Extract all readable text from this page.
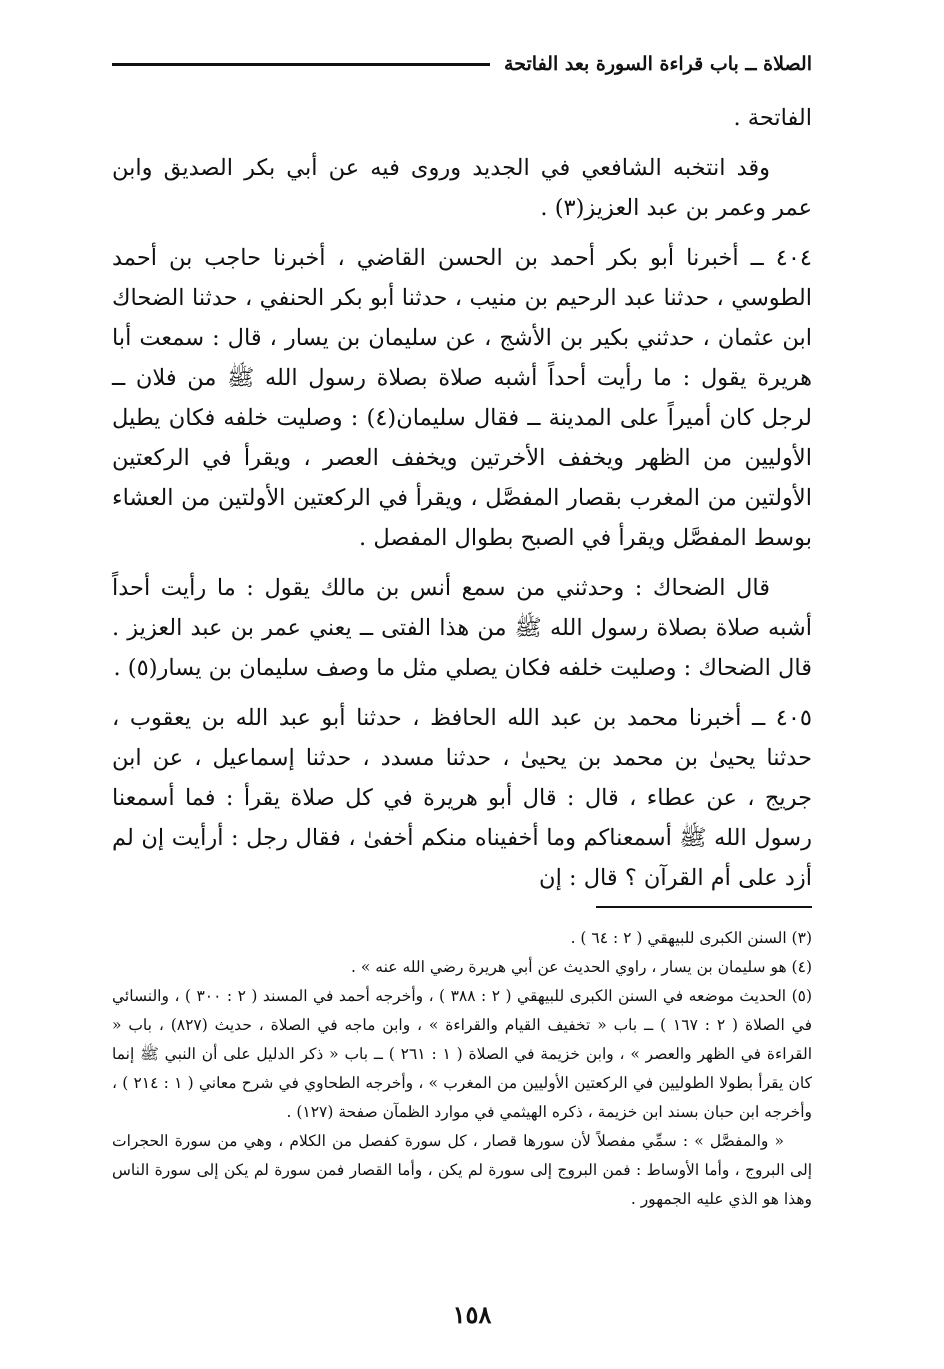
الصلاة ــ باب قراءة السورة بعد الفاتحة

الفاتحة .

وقد انتخبه الشافعي في الجديد وروى فيه عن أبي بكر الصديق وابن عمر وعمر بن عبد العزيز(٣) .

٤٠٤ ــ أخبرنا أبو بكر أحمد بن الحسن القاضي ، أخبرنا حاجب بن أحمد الطوسي ، حدثنا عبد الرحيم بن منيب ، حدثنا أبو بكر الحنفي ، حدثنا الضحاك ابن عثمان ، حدثني بكير بن الأشج ، عن سليمان بن يسار ، قال : سمعت أبا هريرة يقول : ما رأيت أحداً أشبه صلاة بصلاة رسول الله ﷺ من فلان ــ لرجل كان أميراً على المدينة ــ فقال سليمان(٤) : وصليت خلفه فكان يطيل الأوليين من الظهر ويخفف الأخرتين ويخفف العصر ، ويقرأ في الركعتين الأولتين من المغرب بقصار المفصَّل ، ويقرأ في الركعتين الأولتين من العشاء بوسط المفصَّل ويقرأ في الصبح بطوال المفصل .

قال الضحاك : وحدثني من سمع أنس بن مالك يقول : ما رأيت أحداً أشبه صلاة بصلاة رسول الله ﷺ من هذا الفتى ــ يعني عمر بن عبد العزيز . قال الضحاك : وصليت خلفه فكان يصلي مثل ما وصف سليمان بن يسار(٥) .

٤٠٥ ــ أخبرنا محمد بن عبد الله الحافظ ، حدثنا أبو عبد الله بن يعقوب ، حدثنا يحيىٰ بن محمد بن يحيىٰ ، حدثنا مسدد ، حدثنا إسماعيل ، عن ابن جريج ، عن عطاء ، قال : قال أبو هريرة في كل صلاة يقرأ : فما أسمعنا رسول الله ﷺ أسمعناكم وما أخفيناه منكم أخفىٰ ، فقال رجل : أرأيت إن لم أزد على أم القرآن ؟ قال : إن

(٣) السنن الكبرى للبيهقي ( ٢ : ٦٤ ) .

(٤) هو سليمان بن يسار ، راوي الحديث عن أبي هريرة رضي الله عنه » .

(٥) الحديث موضعه في السنن الكبرى للبيهقي ( ٢ : ٣٨٨ ) ، وأخرجه أحمد في المسند ( ٢ : ٣٠٠ ) ، والنسائي في الصلاة ( ٢ : ١٦٧ ) ــ باب « تخفيف القيام والقراءة » ، وابن ماجه في الصلاة ، حديث (٨٢٧) ، باب « القراءة في الظهر والعصر » ، وابن خزيمة في الصلاة ( ١ : ٢٦١ ) ــ باب « ذكر الدليل على أن النبي ﷺ إنما كان يقرأ بطولا الطوليين في الركعتين الأوليين من المغرب » ، وأخرجه الطحاوي في شرح معاني ( ١ : ٢١٤ ) ، وأخرجه ابن حبان بسند ابن خزيمة ، ذكره الهيثمي في موارد الظمآن صفحة (١٢٧) .

« والمفصَّل » : سمِّي مفصلاً لأن سورها قصار ، كل سورة كفصل من الكلام ، وهي من سورة الحجرات إلى البروج ، وأما الأوساط : فمن البروج إلى سورة لم يكن ، وأما القصار فمن سورة لم يكن إلى سورة الناس وهذا هو الذي عليه الجمهور .

١٥٨
